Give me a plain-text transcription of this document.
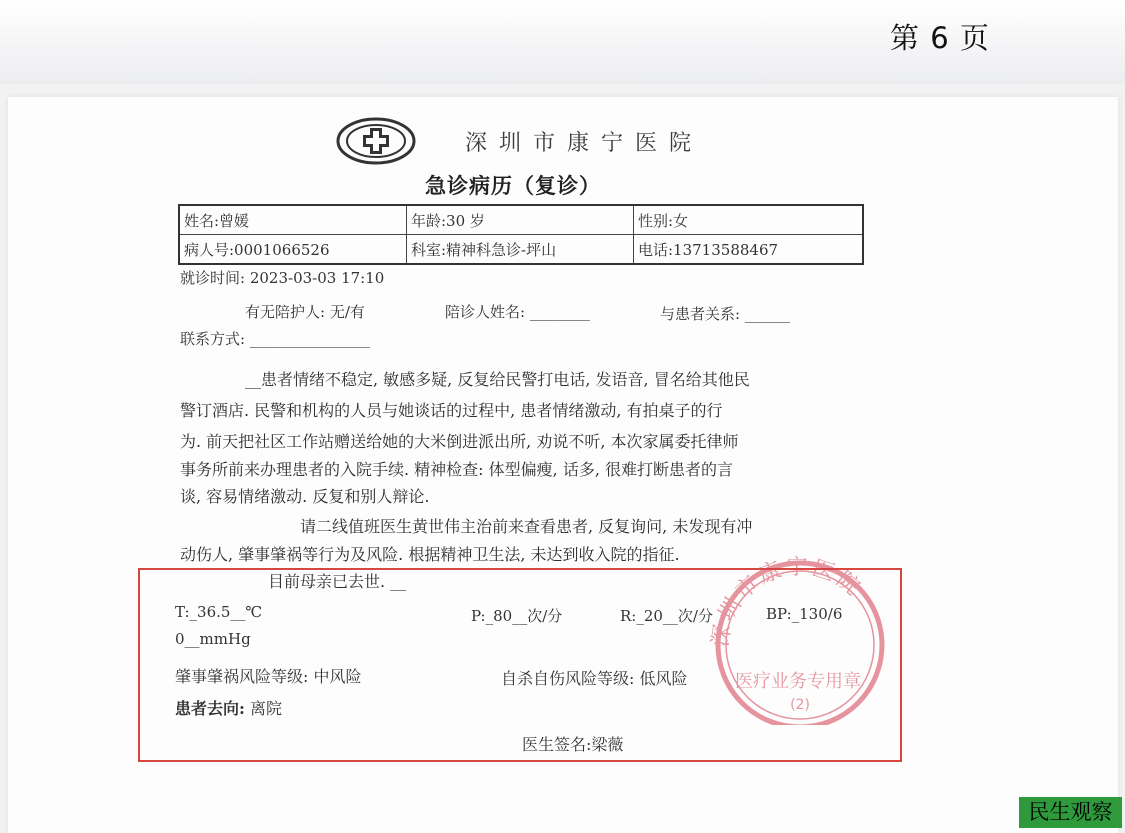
第 6 页
深圳市康宁医院
急诊病历（复诊）
姓名:曾媛	年龄:30 岁	性别:女
病人号:0001066526	科室:精神科急诊-坪山	电话:13713588467
就诊时间: 2023-03-03 17:10
有无陪护人: 无/有	陪诊人姓名: ________	与患者关系: ______
联系方式: ________________
__患者情绪不稳定, 敏感多疑, 反复给民警打电话, 发语音, 冒名给其他民
警订酒店. 民警和机构的人员与她谈话的过程中, 患者情绪激动, 有拍桌子的行
为. 前天把社区工作站赠送给她的大米倒进派出所, 劝说不听, 本次家属委托律师
事务所前来办理患者的入院手续. 精神检查: 体型偏瘦, 话多, 很难打断患者的言
谈, 容易情绪激动. 反复和别人辩论.
请二线值班医生黄世伟主治前来查看患者, 反复询问, 未发现有冲
动伤人, 肇事肇祸等行为及风险. 根据精神卫生法, 未达到收入院的指征.
目前母亲已去世. __
T:_36.5__℃	P:_80__次/分	R:_20__次/分	BP:_130/6
0__mmHg
肇事肇祸风险等级: 中风险	自杀自伤风险等级: 低风险
患者去向: 离院
医生签名:梁薇
深圳市康宁医院
医疗业务专用章
(2)
民生观察
